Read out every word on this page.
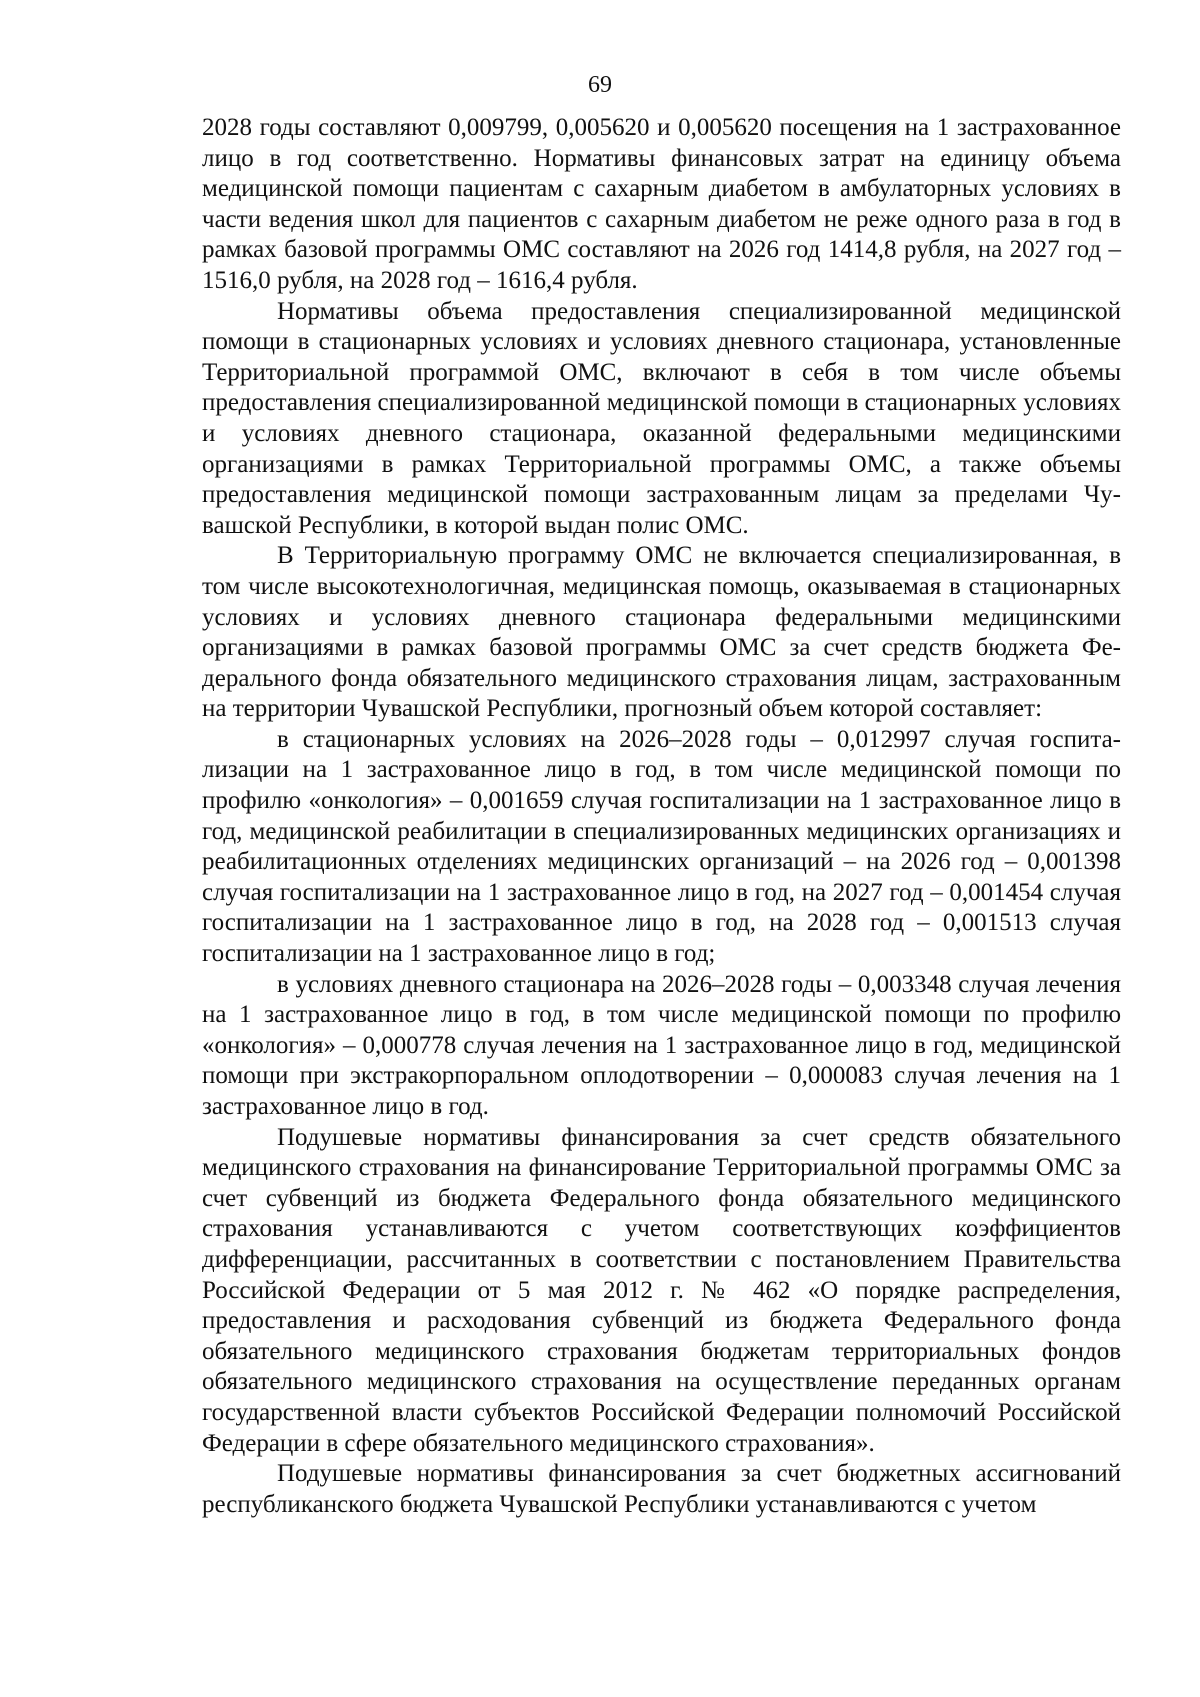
69

2028 годы составляют 0,009799, 0,005620 и 0,005620 посещения на 1 застрахованное лицо в год соответственно. Нормативы финансовых затрат на единицу объема медицинской помощи пациентам с сахарным диабетом в амбулаторных условиях в части ведения школ для пациентов с сахарным диабетом не реже одного раза в год в рамках базовой программы ОМС составляют на 2026 год 1414,8 рубля, на 2027 год – 1516,0 рубля, на 2028 год – 1616,4 рубля.

Нормативы объема предоставления специализированной медицинской помощи в стационарных условиях и условиях дневного стационара, установленные Территориальной программой ОМС, включают в себя в том числе объемы предоставления специализированной медицинской помощи в стационарных условиях и условиях дневного стационара, оказанной федеральными медицинскими организациями в рамках Территориальной программы ОМС, а также объемы предоставления медицинской помощи застрахованным лицам за пределами Чувашской Республики, в которой выдан полис ОМС.

В Территориальную программу ОМС не включается специализированная, в том числе высокотехнологичная, медицинская помощь, оказываемая в стационарных условиях и условиях дневного стационара федеральными медицинскими организациями в рамках базовой программы ОМС за счет средств бюджета Федерального фонда обязательного медицинского страхования лицам, застрахованным на территории Чувашской Республики, прогнозный объем которой составляет:

в стационарных условиях на 2026–2028 годы – 0,012997 случая госпитализации на 1 застрахованное лицо в год, в том числе медицинской помощи по профилю «онкология» – 0,001659 случая госпитализации на 1 застрахованное лицо в год, медицинской реабилитации в специализированных медицинских организациях и реабилитационных отделениях медицинских организаций – на 2026 год – 0,001398 случая госпитализации на 1 застрахованное лицо в год, на 2027 год – 0,001454 случая госпитализации на 1 застрахованное лицо в год, на 2028 год – 0,001513 случая госпитализации на 1 застрахованное лицо в год;

в условиях дневного стационара на 2026–2028 годы – 0,003348 случая лечения на 1 застрахованное лицо в год, в том числе медицинской помощи по профилю «онкология» – 0,000778 случая лечения на 1 застрахованное лицо в год, медицинской помощи при экстракорпоральном оплодотворении – 0,000083 случая лечения на 1 застрахованное лицо в год.

Подушевые нормативы финансирования за счет средств обязательного медицинского страхования на финансирование Территориальной программы ОМС за счет субвенций из бюджета Федерального фонда обязательного медицинского страхования устанавливаются с учетом соответствующих коэффициентов дифференциации, рассчитанных в соответствии с постановлением Правительства Российской Федерации от 5 мая 2012 г. № 462 «О порядке распределения, предоставления и расходования субвенций из бюджета Федерального фонда обязательного медицинского страхования бюджетам территориальных фондов обязательного медицинского страхования на осуществление переданных органам государственной власти субъектов Российской Федерации полномочий Российской Федерации в сфере обязательного медицинского страхования».

Подушевые нормативы финансирования за счет бюджетных ассигнований республиканского бюджета Чувашской Республики устанавливаются с учетом
